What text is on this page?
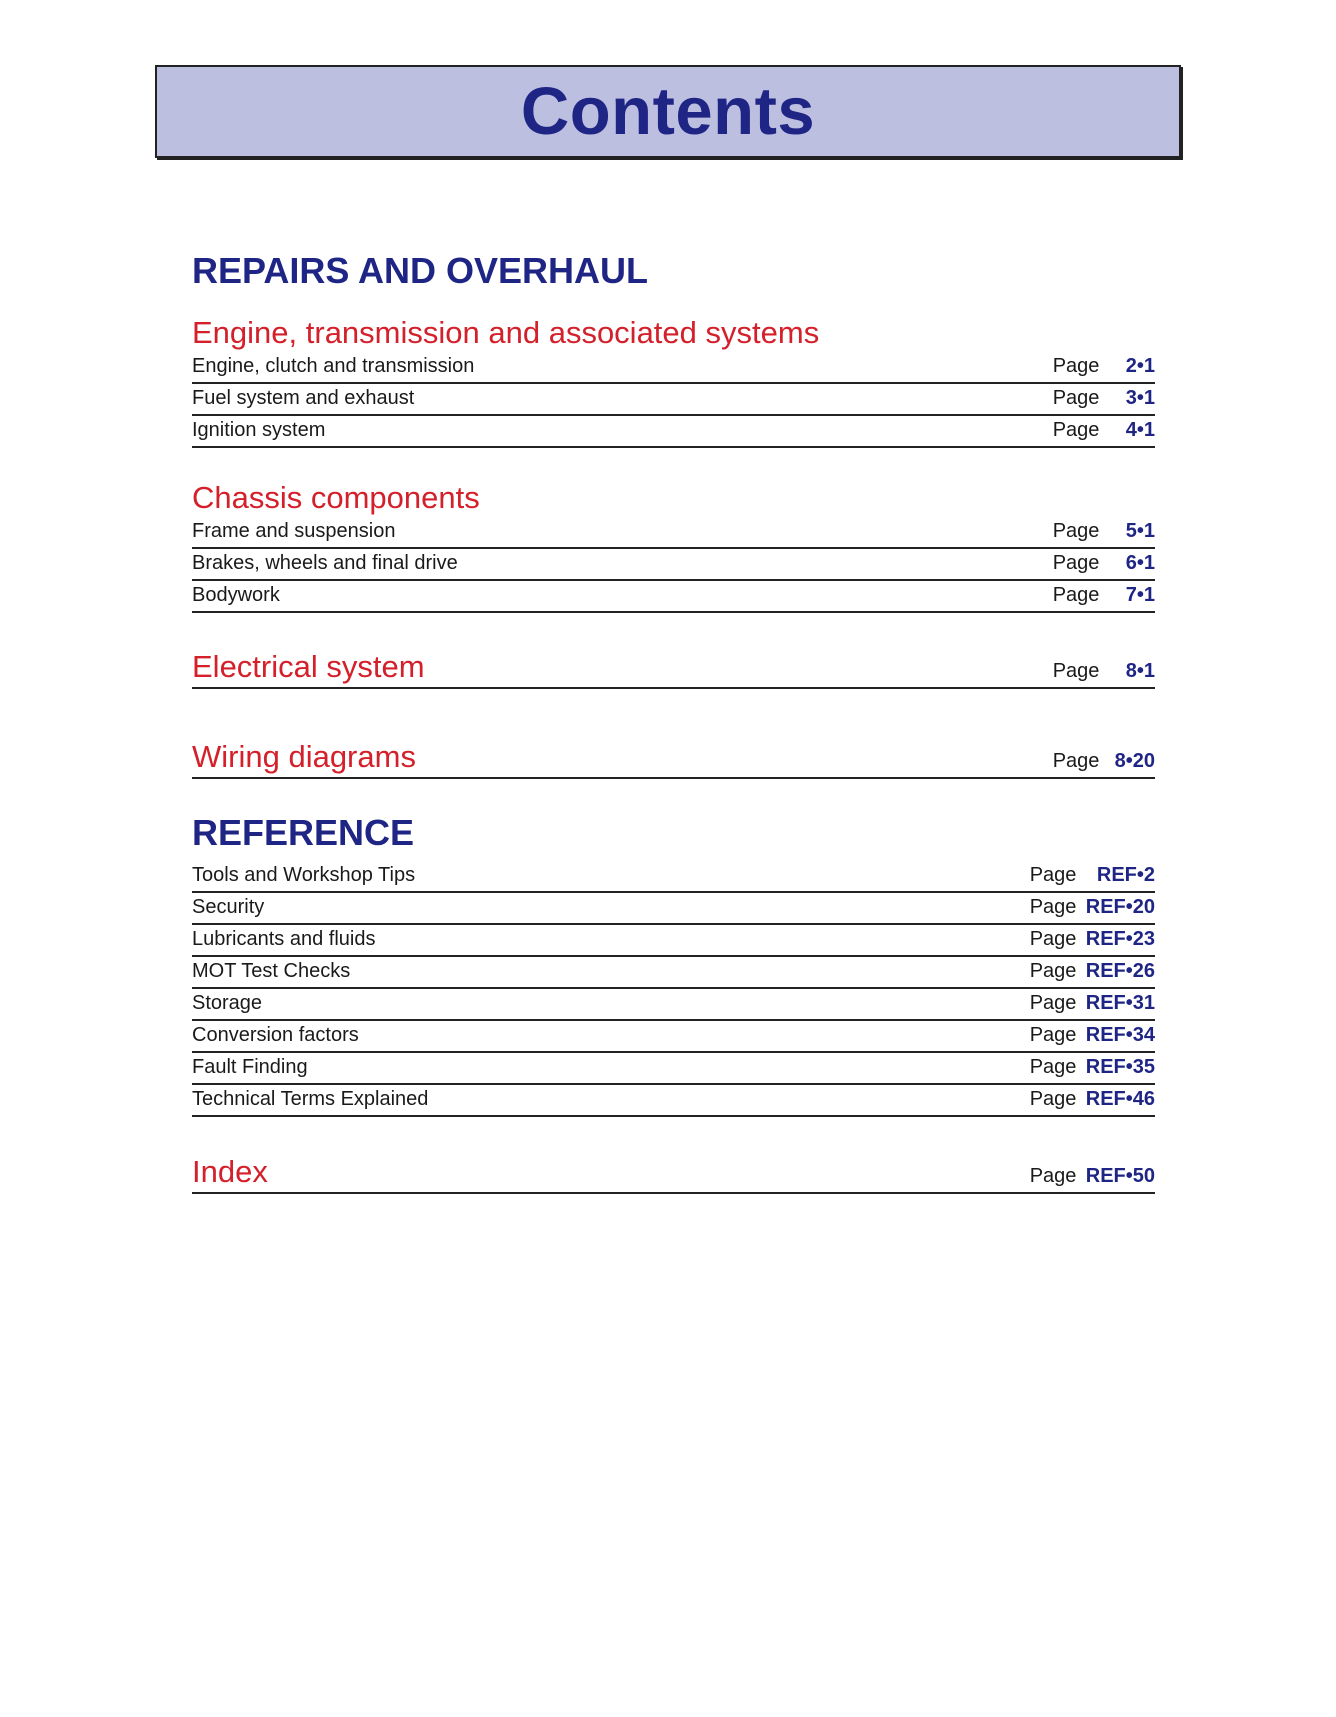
Contents
REPAIRS AND OVERHAUL
Engine, transmission and associated systems
Engine, clutch and transmission	Page 2•1
Fuel system and exhaust	Page 3•1
Ignition system	Page 4•1
Chassis components
Frame and suspension	Page 5•1
Brakes, wheels and final drive	Page 6•1
Bodywork	Page 7•1
Electrical system	Page 8•1
Wiring diagrams	Page 8•20
REFERENCE
Tools and Workshop Tips	Page REF•2
Security	Page REF•20
Lubricants and fluids	Page REF•23
MOT Test Checks	Page REF•26
Storage	Page REF•31
Conversion factors	Page REF•34
Fault Finding	Page REF•35
Technical Terms Explained	Page REF•46
Index	Page REF•50
